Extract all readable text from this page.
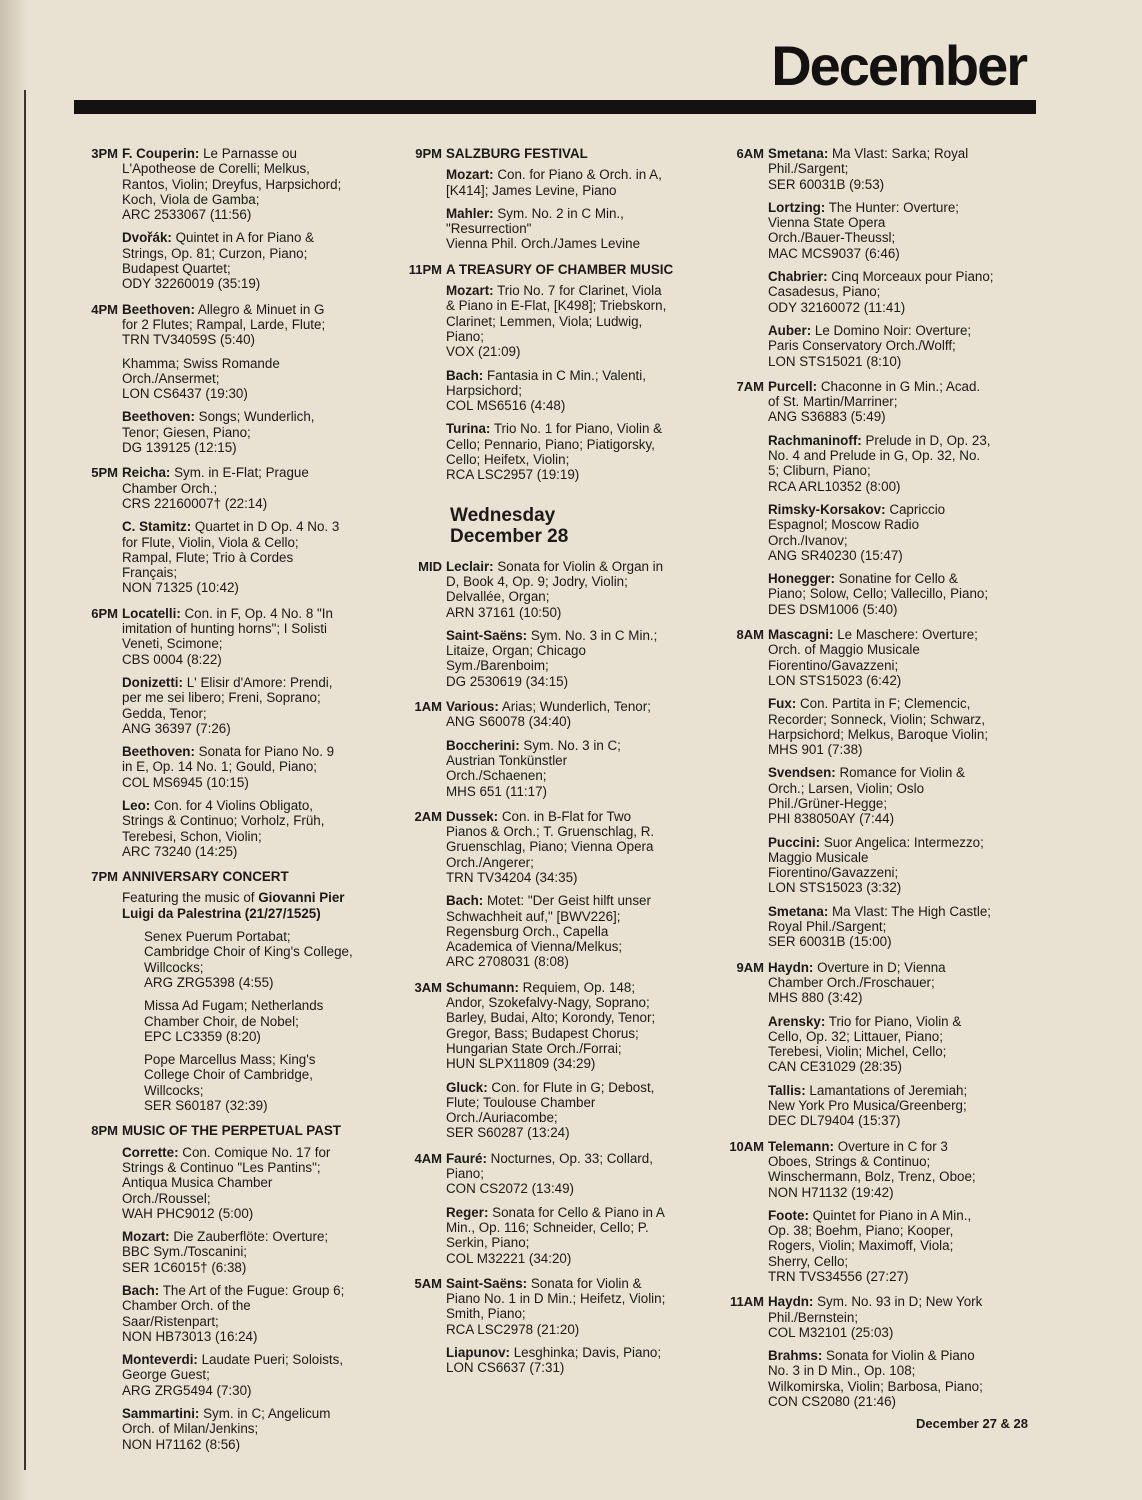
December
3PM F. Couperin: Le Parnasse ou
L'Apotheose de Corelli; Melkus,
Rantos, Violin; Dreyfus, Harpsichord;
Koch, Viola de Gamba;
ARC 2533067 (11:56)
Dvořák: Quintet in A for Piano &
Strings, Op. 81; Curzon, Piano;
Budapest Quartet;
ODY 32260019 (35:19)
4PM Beethoven: Allegro & Minuet in G
for 2 Flutes; Rampal, Larde, Flute;
TRN TV34059S (5:40)
Khamma; Swiss Romande
Orch./Ansermet;
LON CS6437 (19:30)
Beethoven: Songs; Wunderlich,
Tenor; Giesen, Piano;
DG 139125 (12:15)
5PM Reicha: Sym. in E-Flat; Prague
Chamber Orch.;
CRS 22160007† (22:14)
C. Stamitz: Quartet in D Op. 4 No. 3
for Flute, Violin, Viola & Cello;
Rampal, Flute; Trio à Cordes
Français;
NON 71325 (10:42)
6PM Locatelli: Con. in F, Op. 4 No. 8 "In
imitation of hunting horns"; I Solisti
Veneti, Scimone;
CBS 0004 (8:22)
Donizetti: L' Elisir d'Amore: Prendi,
per me sei libero; Freni, Soprano;
Gedda, Tenor;
ANG 36397 (7:26)
Beethoven: Sonata for Piano No. 9
in E, Op. 14 No. 1; Gould, Piano;
COL MS6945 (10:15)
Leo: Con. for 4 Violins Obligato,
Strings & Continuo; Vorholz, Früh,
Terebesi, Schon, Violin;
ARC 73240 (14:25)
7PM ANNIVERSARY CONCERT
Featuring the music of Giovanni Pier
Luigi da Palestrina (21/27/1525)
Senex Puerum Portabat;
Cambridge Choir of King's College,
Willcocks;
ARG ZRG5398 (4:55)
Missa Ad Fugam; Netherlands
Chamber Choir, de Nobel;
EPC LC3359 (8:20)
Pope Marcellus Mass; King's
College Choir of Cambridge,
Willcocks;
SER S60187 (32:39)
8PM MUSIC OF THE PERPETUAL PAST
Corrette: Con. Comique No. 17 for
Strings & Continuo "Les Pantins";
Antiqua Musica Chamber
Orch./Roussel;
WAH PHC9012 (5:00)
Mozart: Die Zauberflöte: Overture;
BBC Sym./Toscanini;
SER 1C6015† (6:38)
Bach: The Art of the Fugue: Group 6;
Chamber Orch. of the
Saar/Ristenpart;
NON HB73013 (16:24)
Monteverdi: Laudate Pueri; Soloists,
George Guest;
ARG ZRG5494 (7:30)
Sammartini: Sym. in C; Angelicum
Orch. of Milan/Jenkins;
NON H71162 (8:56)
9PM SALZBURG FESTIVAL
Mozart: Con. for Piano & Orch. in A,
[K414]; James Levine, Piano
Mahler: Sym. No. 2 in C Min.,
"Resurrection"
Vienna Phil. Orch./James Levine
11PM A TREASURY OF CHAMBER MUSIC
Mozart: Trio No. 7 for Clarinet, Viola
& Piano in E-Flat, [K498]; Triebskorn,
Clarinet; Lemmen, Viola; Ludwig,
Piano;
VOX (21:09)
Bach: Fantasia in C Min.; Valenti,
Harpsichord;
COL MS6516 (4:48)
Turina: Trio No. 1 for Piano, Violin &
Cello; Pennario, Piano; Piatigorsky,
Cello; Heifetx, Violin;
RCA LSC2957 (19:19)
Wednesday
December 28
MID Leclair: Sonata for Violin & Organ in
D, Book 4, Op. 9; Jodry, Violin;
Delvallée, Organ;
ARN 37161 (10:50)
Saint-Saëns: Sym. No. 3 in C Min.;
Litaize, Organ; Chicago
Sym./Barenboim;
DG 2530619 (34:15)
1AM Various: Arias; Wunderlich, Tenor;
ANG S60078 (34:40)
Boccherini: Sym. No. 3 in C;
Austrian Tonkünstler
Orch./Schaenen;
MHS 651 (11:17)
2AM Dussek: Con. in B-Flat for Two
Pianos & Orch.; T. Gruenschlag, R.
Gruenschlag, Piano; Vienna Opera
Orch./Angerer;
TRN TV34204 (34:35)
Bach: Motet: "Der Geist hilft unser
Schwachheit auf," [BWV226];
Regensburg Orch., Capella
Academica of Vienna/Melkus;
ARC 2708031 (8:08)
3AM Schumann: Requiem, Op. 148;
Andor, Szokefalvy-Nagy, Soprano;
Barley, Budai, Alto; Korondy, Tenor;
Gregor, Bass; Budapest Chorus;
Hungarian State Orch./Forrai;
HUN SLPX11809 (34:29)
Gluck: Con. for Flute in G; Debost,
Flute; Toulouse Chamber
Orch./Auriacombe;
SER S60287 (13:24)
4AM Fauré: Nocturnes, Op. 33; Collard,
Piano;
CON CS2072 (13:49)
Reger: Sonata for Cello & Piano in A
Min., Op. 116; Schneider, Cello; P.
Serkin, Piano;
COL M32221 (34:20)
5AM Saint-Saëns: Sonata for Violin &
Piano No. 1 in D Min.; Heifetz, Violin;
Smith, Piano;
RCA LSC2978 (21:20)
Liapunov: Lesghinka; Davis, Piano;
LON CS6637 (7:31)
6AM Smetana: Ma Vlast: Sarka; Royal
Phil./Sargent;
SER 60031B (9:53)
Lortzing: The Hunter: Overture;
Vienna State Opera
Orch./Bauer-Theussl;
MAC MCS9037 (6:46)
Chabrier: Cinq Morceaux pour Piano;
Casadesus, Piano;
ODY 32160072 (11:41)
Auber: Le Domino Noir: Overture;
Paris Conservatory Orch./Wolff;
LON STS15021 (8:10)
7AM Purcell: Chaconne in G Min.; Acad.
of St. Martin/Marriner;
ANG S36883 (5:49)
Rachmaninoff: Prelude in D, Op. 23,
No. 4 and Prelude in G, Op. 32, No.
5; Cliburn, Piano;
RCA ARL10352 (8:00)
Rimsky-Korsakov: Capriccio
Espagnol; Moscow Radio
Orch./Ivanov;
ANG SR40230 (15:47)
Honegger: Sonatine for Cello &
Piano; Solow, Cello; Vallecillo, Piano;
DES DSM1006 (5:40)
8AM Mascagni: Le Maschere: Overture;
Orch. of Maggio Musicale
Fiorentino/Gavazzeni;
LON STS15023 (6:42)
Fux: Con. Partita in F; Clemencic,
Recorder; Sonneck, Violin; Schwarz,
Harpsichord; Melkus, Baroque Violin;
MHS 901 (7:38)
Svendsen: Romance for Violin &
Orch.; Larsen, Violin; Oslo
Phil./Grüner-Hegge;
PHI 838050AY (7:44)
Puccini: Suor Angelica: Intermezzo;
Maggio Musicale
Fiorentino/Gavazzeni;
LON STS15023 (3:32)
Smetana: Ma Vlast: The High Castle;
Royal Phil./Sargent;
SER 60031B (15:00)
9AM Haydn: Overture in D; Vienna
Chamber Orch./Froschauer;
MHS 880 (3:42)
Arensky: Trio for Piano, Violin &
Cello, Op. 32; Littauer, Piano;
Terebesi, Violin; Michel, Cello;
CAN CE31029 (28:35)
Tallis: Lamantations of Jeremiah;
New York Pro Musica/Greenberg;
DEC DL79404 (15:37)
10AM Telemann: Overture in C for 3
Oboes, Strings & Continuo;
Winschermann, Bolz, Trenz, Oboe;
NON H71132 (19:42)
Foote: Quintet for Piano in A Min.,
Op. 38; Boehm, Piano; Kooper,
Rogers, Violin; Maximoff, Viola;
Sherry, Cello;
TRN TVS34556 (27:27)
11AM Haydn: Sym. No. 93 in D; New York
Phil./Bernstein;
COL M32101 (25:03)
Brahms: Sonata for Violin & Piano
No. 3 in D Min., Op. 108;
Wilkomirska, Violin; Barbosa, Piano;
CON CS2080 (21:46)
December 27 & 28
